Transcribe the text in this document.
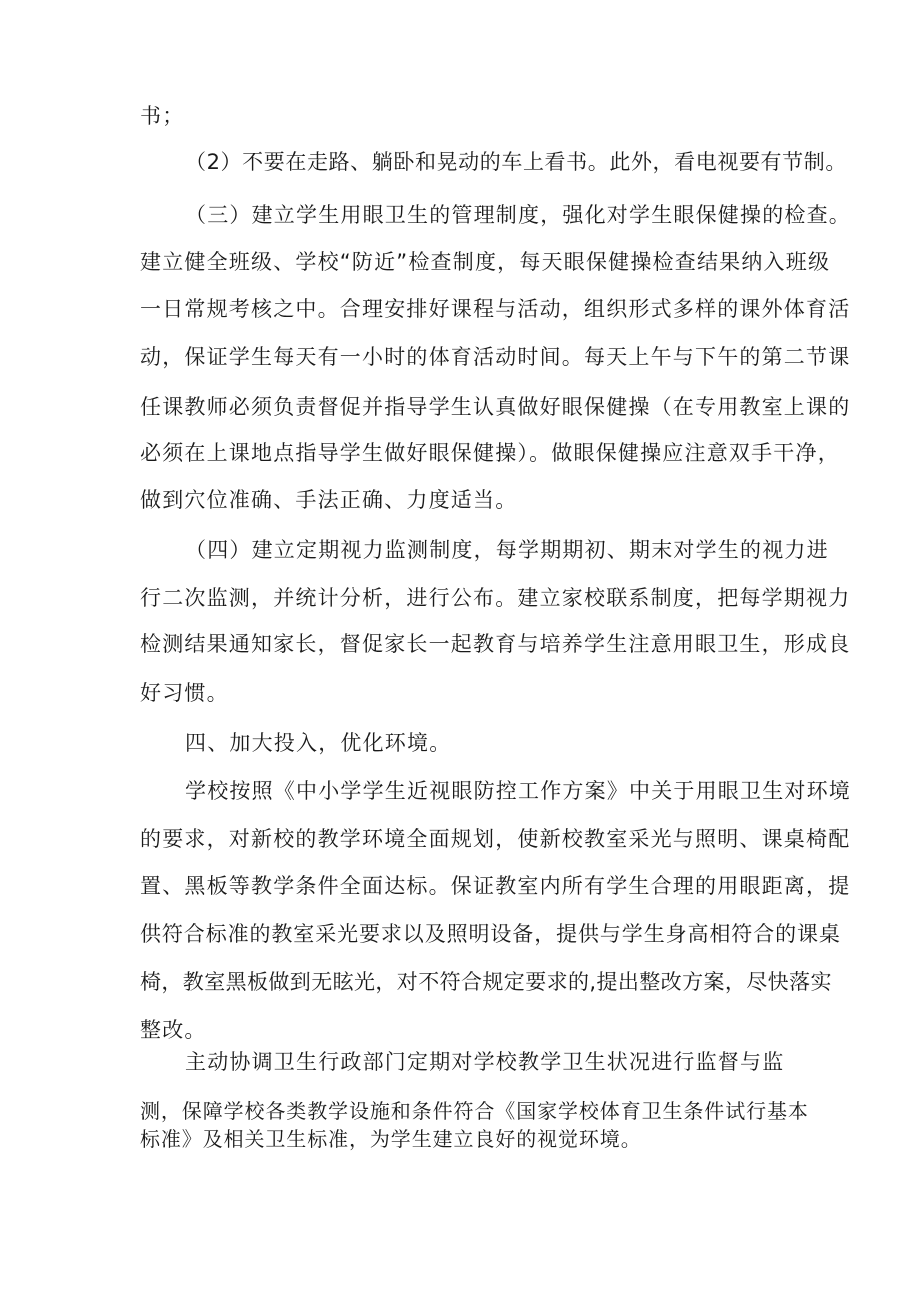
书；
（2）不要在走路、躺卧和晃动的车上看书。此外，看电视要有节制。
（三）建立学生用眼卫生的管理制度，强化对学生眼保健操的检查。
建立健全班级、学校“防近”检查制度，每天眼保健操检查结果纳入班级
一日常规考核之中。合理安排好课程与活动，组织形式多样的课外体育活
动，保证学生每天有一小时的体育活动时间。每天上午与下午的第二节课
任课教师必须负责督促并指导学生认真做好眼保健操（在专用教室上课的
必须在上课地点指导学生做好眼保健操）。做眼保健操应注意双手干净，
做到穴位准确、手法正确、力度适当。
（四）建立定期视力监测制度，每学期期初、期末对学生的视力进
行二次监测，并统计分析，进行公布。建立家校联系制度，把每学期视力
检测结果通知家长，督促家长一起教育与培养学生注意用眼卫生，形成良
好习惯。
四、加大投入，优化环境。
学校按照《中小学学生近视眼防控工作方案》中关于用眼卫生对环境
的要求，对新校的教学环境全面规划，使新校教室采光与照明、课桌椅配
置、黑板等教学条件全面达标。保证教室内所有学生合理的用眼距离，提
供符合标准的教室采光要求以及照明设备，提供与学生身高相符合的课桌
椅，教室黑板做到无眩光，对不符合规定要求的,提出整改方案，尽快落实
整改。
主动协调卫生行政部门定期对学校教学卫生状况进行监督与监
测，保障学校各类教学设施和条件符合《国家学校体育卫生条件试行基本
标准》及相关卫生标准，为学生建立良好的视觉环境。
